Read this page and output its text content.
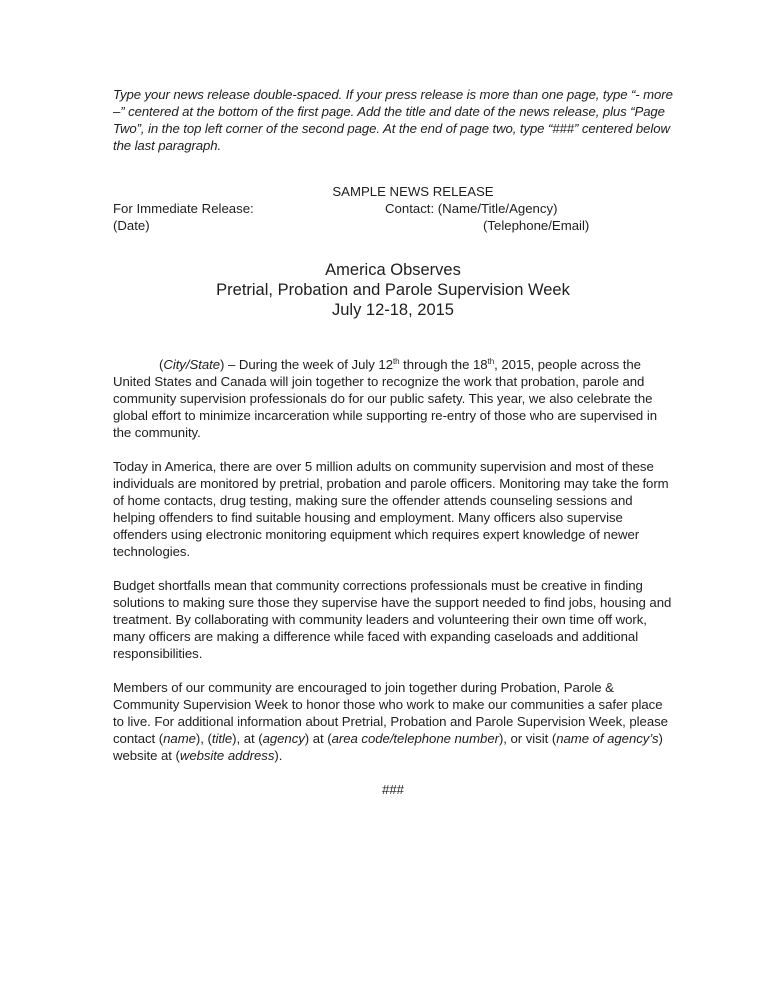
Type your news release double-spaced. If your press release is more than one page, type “- more –” centered at the bottom of the first page. Add the title and date of the news release, plus “Page Two”, in the top left corner of the second page. At the end of page two, type “###” centered below the last paragraph.

SAMPLE NEWS RELEASE
For Immediate Release:
(Date)
Contact: (Name/Title/Agency)
(Telephone/Email)
America Observes
Pretrial, Probation and Parole Supervision Week
July 12-18, 2015

(City/State) – During the week of July 12th through the 18th, 2015, people across the United States and Canada will join together to recognize the work that probation, parole and community supervision professionals do for our public safety. This year, we also celebrate the global effort to minimize incarceration while supporting re-entry of those who are supervised in the community.

Today in America, there are over 5 million adults on community supervision and most of these individuals are monitored by pretrial, probation and parole officers. Monitoring may take the form of home contacts, drug testing, making sure the offender attends counseling sessions and helping offenders to find suitable housing and employment. Many officers also supervise offenders using electronic monitoring equipment which requires expert knowledge of newer technologies.

Budget shortfalls mean that community corrections professionals must be creative in finding solutions to making sure those they supervise have the support needed to find jobs, housing and treatment. By collaborating with community leaders and volunteering their own time off work, many officers are making a difference while faced with expanding caseloads and additional responsibilities.

Members of our community are encouraged to join together during Probation, Parole & Community Supervision Week to honor those who work to make our communities a safer place to live. For additional information about Pretrial, Probation and Parole Supervision Week, please contact (name), (title), at (agency) at (area code/telephone number), or visit (name of agency’s) website at (website address).

###
